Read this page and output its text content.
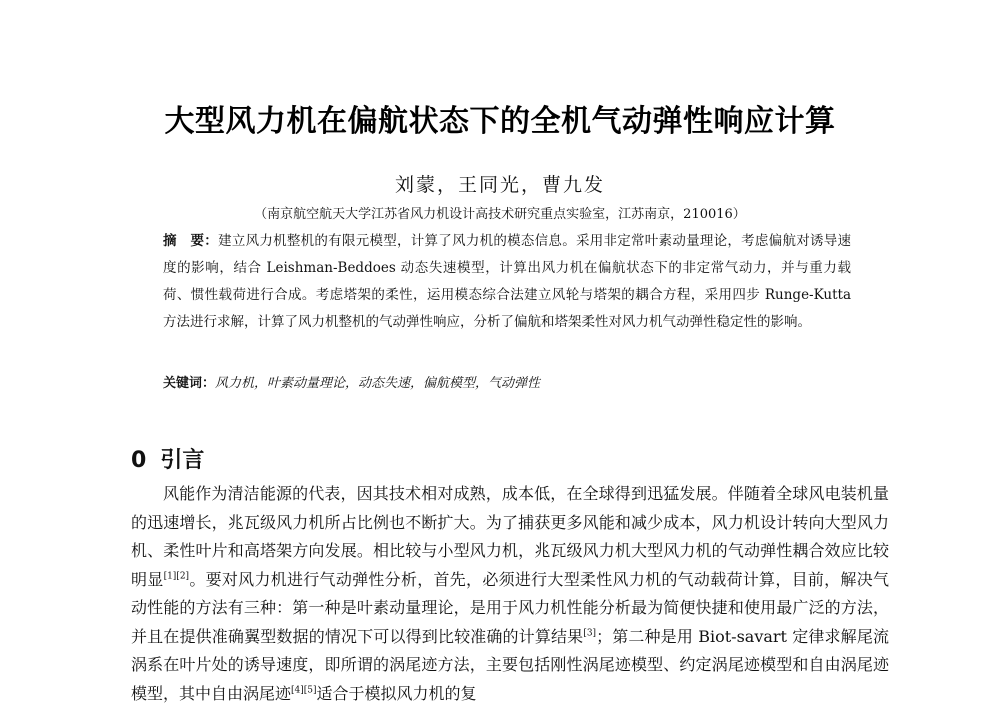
大型风力机在偏航状态下的全机气动弹性响应计算
刘蒙，王同光，曹九发
（南京航空航天大学江苏省风力机设计高技术研究重点实验室，江苏南京，210016）
摘　要：建立风力机整机的有限元模型，计算了风力机的模态信息。采用非定常叶素动量理论，考虑偏航对诱导速度的影响，结合 Leishman-Beddoes 动态失速模型，计算出风力机在偏航状态下的非定常气动力，并与重力载荷、惯性载荷进行合成。考虑塔架的柔性，运用模态综合法建立风轮与塔架的耦合方程，采用四步 Runge-Kutta 方法进行求解，计算了风力机整机的气动弹性响应，分析了偏航和塔架柔性对风力机气动弹性稳定性的影响。
关键词：风力机，叶素动量理论，动态失速，偏航模型，气动弹性
0 引言
风能作为清洁能源的代表，因其技术相对成熟，成本低，在全球得到迅猛发展。伴随着全球风电装机量的迅速增长，兆瓦级风力机所占比例也不断扩大。为了捕获更多风能和减少成本，风力机设计转向大型风力机、柔性叶片和高塔架方向发展。相比较与小型风力机，兆瓦级风力机大型风力机的气动弹性耦合效应比较明显[1][2]。要对风力机进行气动弹性分析，首先，必须进行大型柔性风力机的气动载荷计算，目前，解决气动性能的方法有三种：第一种是叶素动量理论，是用于风力机性能分析最为简便快捷和使用最广泛的方法，并且在提供准确翼型数据的情况下可以得到比较准确的计算结果[3]；第二种是用 Biot-savart 定律求解尾流涡系在叶片处的诱导速度，即所谓的涡尾迹方法，主要包括刚性涡尾迹模型、约定涡尾迹模型和自由涡尾迹模型，其中自由涡尾迹[4][5]适合于模拟风力机的复
